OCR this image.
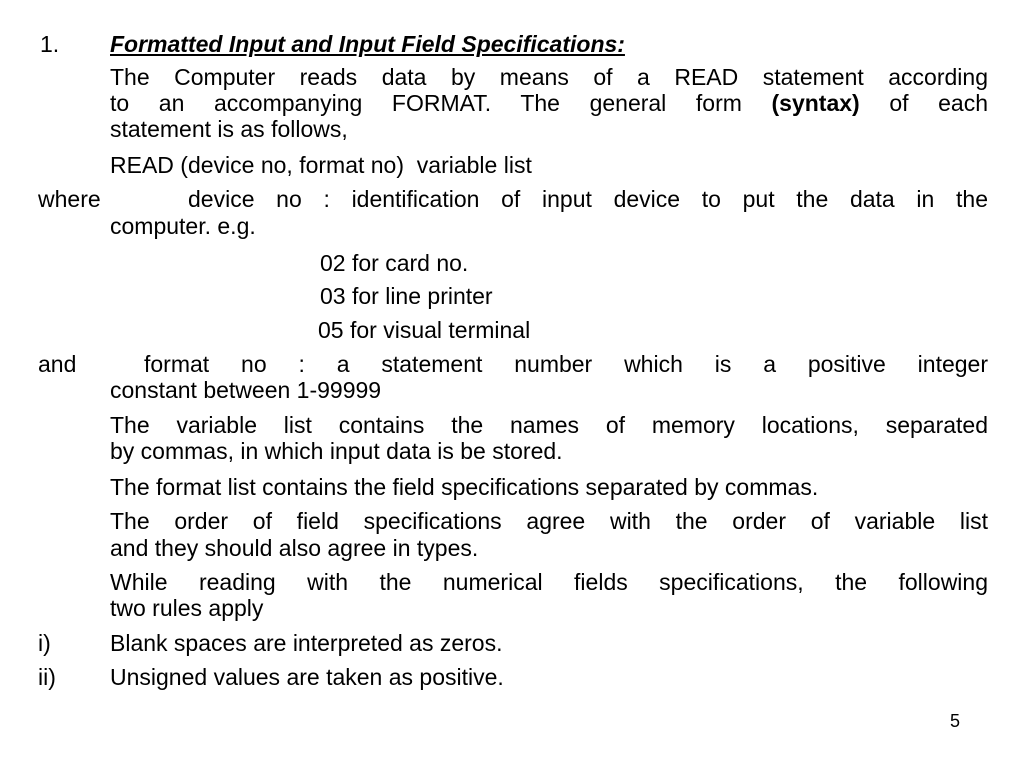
1. Formatted Input and Input Field Specifications:
The Computer reads data by means of a READ statement according
to an accompanying FORMAT. The general form (syntax) of each
statement is as follows,
READ (device no, format no)  variable list
where	device no : identification of input device to put the data in the
computer. e.g.
02 for card no.
03 for line printer
05 for visual terminal
and	format no : a statement number which is a positive integer
constant between 1-99999
The variable list contains the names of memory locations, separated
by commas, in which input data is be stored.
The format list contains the field specifications separated by commas.
The order of field specifications agree with the order of variable list
and they should also agree in types.
While reading with the numerical fields specifications, the following
two rules apply
i)	Blank spaces are interpreted as zeros.
ii) Unsigned values are taken as positive.
5
